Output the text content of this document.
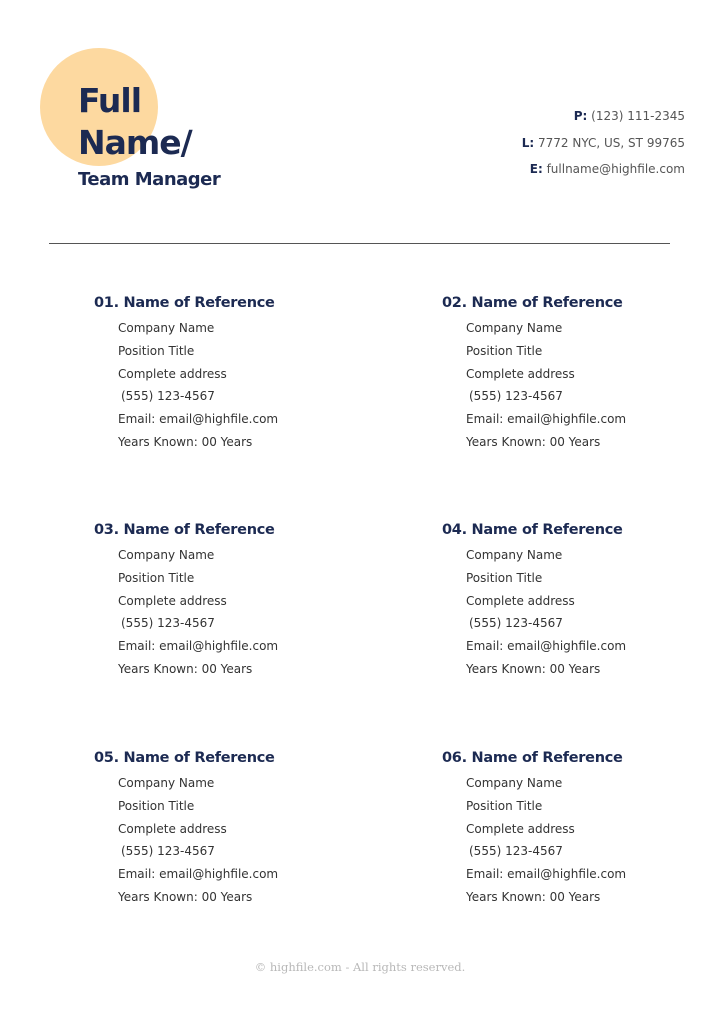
Full
Name/
Team Manager
P: (123) 111-2345
L: 7772 NYC, US, ST 99765
E: fullname@highfile.com
01. Name of Reference
Company Name
Position Title
Complete address
(555) 123-4567
Email: email@highfile.com
Years Known: 00 Years
02. Name of Reference
Company Name
Position Title
Complete address
(555) 123-4567
Email: email@highfile.com
Years Known: 00 Years
03. Name of Reference
Company Name
Position Title
Complete address
(555) 123-4567
Email: email@highfile.com
Years Known: 00 Years
04. Name of Reference
Company Name
Position Title
Complete address
(555) 123-4567
Email: email@highfile.com
Years Known: 00 Years
05. Name of Reference
Company Name
Position Title
Complete address
(555) 123-4567
Email: email@highfile.com
Years Known: 00 Years
06. Name of Reference
Company Name
Position Title
Complete address
(555) 123-4567
Email: email@highfile.com
Years Known: 00 Years
© highfile.com - All rights reserved.
